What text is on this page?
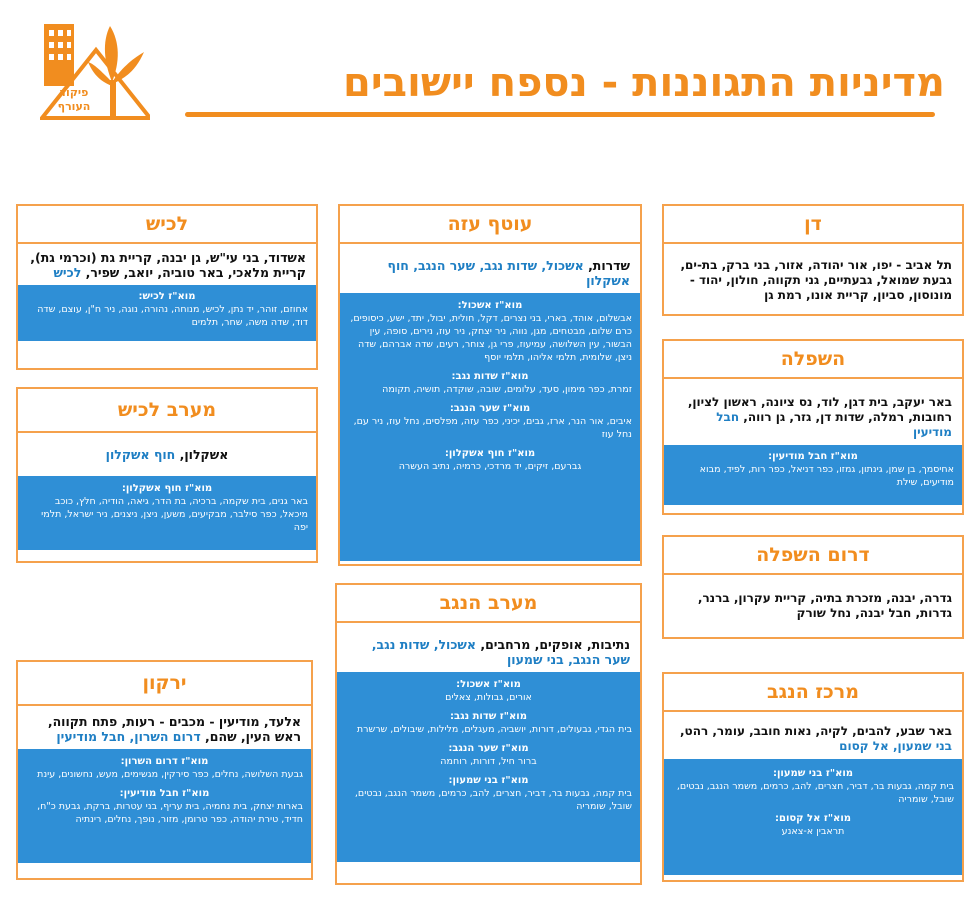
פיקוד
העורף
מדיניות התגוננות - נספח יישובים
דן
תל אביב - יפו, אור יהודה, אזור, בני ברק, בת-ים, גבעת שמואל, גבעתיים, גני תקווה, חולון, יהוד - מונוסון, סביון, קריית אונו, רמת גן
השפלה
באר יעקב, בית דגן, לוד, נס ציונה, ראשון לציון, רחובות, רמלה, שדות דן, גזר, גן רווה, חבל מודיעין
מוא"ז חבל מודיעין:
אחיסמך, בן שמן, גינתון, גמזו, כפר דניאל, כפר רות, לפיד, מבוא מודיעים, שילת
דרום השפלה
גדרה, יבנה, מזכרת בתיה, קריית עקרון, ברנר, גדרות, חבל יבנה, נחל שורק
מרכז הנגב
באר שבע, להבים, לקיה, נאות חובב, עומר, רהט, בני שמעון, אל קסום
מוא"ז בני שמעון:
בית קמה, גבעות בר, דביר, חצרים, להב, כרמים, משמר הנגב, נבטים, שובל, שומריה
מוא"ז אל קסום:
תראבין א-צאנע
עוטף עזה
שדרות, אשכול, שדות נגב, שער הנגב, חוף אשקלון
מוא"ז אשכול:
אבשלום, אוהד, בארי, בני נצרים, דקל, חולית, יבול, יתד, ישע, כיסופים, כרם שלום, מבטחים, מגן, נווה, ניר יצחק, ניר עוז, נירים, סופה, עין הבשור, עין השלושה, עמיעוז, פרי גן, צוחר, רעים, שדה אברהם, שדה ניצן, שלומית, תלמי אליהו, תלמי יוסף
מוא"ז שדות נגב:
זמרת, כפר מימון, סעד, עלומים, שובה, שוקדה, תושיה, תקומה
מוא"ז שער הנגב:
איבים, אור הנר, ארז, גבים, יכיני, כפר עזה, מפלסים, נחל עוז, ניר עם, נחל עוז
מוא"ז חוף אשקלון:
גברעם, זיקים, יד מרדכי, כרמיה, נתיב העשרה
מערב הנגב
נתיבות, אופקים, מרחבים, אשכול, שדות נגב, שער הנגב, בני שמעון
מוא"ז אשכול:
אורים, גבולות, צאלים
מוא"ז שדות נגב:
בית הגדי, גבעולים, דורות, יושביה, מעגלים, מלילות, שיבולים, שרשרת
מוא"ז שער הנגב:
ברור חיל, דורות, רוחמה
מוא"ז בני שמעון:
בית קמה, גבעות בר, דביר, חצרים, להב, כרמים, משמר הנגב, נבטים, שובל, שומריה
לכיש
אשדוד, בני עי"ש, גן יבנה, קריית גת (וכרמי גת), קריית מלאכי, באר טוביה, יואב, שפיר, לכיש
מוא"ז לכיש:
אחוזם, זוהר, יד נתן, לכיש, מנוחה, נהורה, נוגה, ניר ח"ן, עוצם, שדה דוד, שדה משה, שחר, תלמים
מערב לכיש
אשקלון, חוף אשקלון
מוא"ז חוף אשקלון:
באר גנים, בית שקמה, ברכיה, בת הדר, גיאה, הודיה, חלץ, כוכב מיכאל, כפר סילבר, מבקיעים, משען, ניצן, ניצנים, ניר ישראל, תלמי יפה
ירקון
אלעד, מודיעין - מכבים - רעות, פתח תקווה, ראש העין, שהם, דרום השרון, חבל מודיעין
מוא"ז דרום השרון:
גבעת השלושה, נחלים, כפר סירקין, מגשימים, מעש, נחשונים, עינת
מוא"ז חבל מודיעין:
בארות יצחק, בית נחמיה, בית עריף, בני עטרות, ברקת, גבעת כ"ח, חדיד, טירת יהודה, כפר טרומן, מזור, נופך, נחלים, רינתיה
